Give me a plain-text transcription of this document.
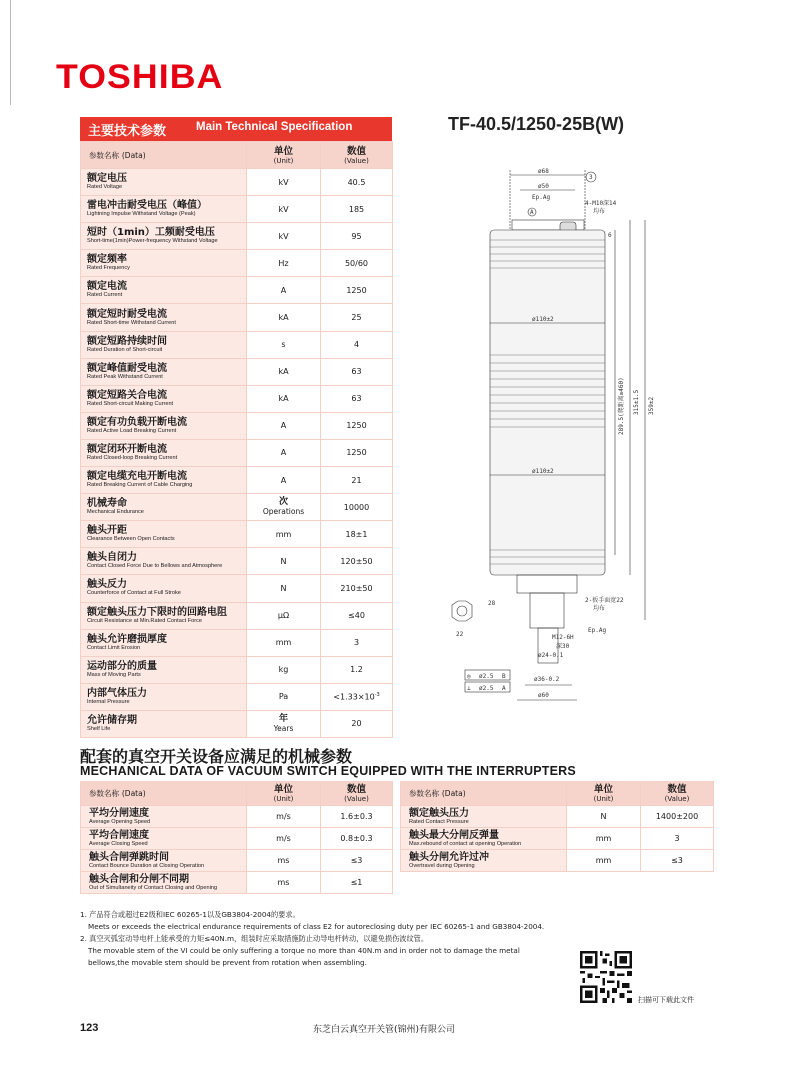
TOSHIBA
主要技术参数	Main Technical Specification	TF-40.5/1250-25B(W)
参数名称 (Data)	单位
(Unit)	数值
(Value)

额定电压
Rated Voltage	kV	40.5

雷电冲击耐受电压（峰值）
Lightning Impulse Withstand Voltage (Peak)	kV	185

短时（1min）工频耐受电压
Short-time(1min)Power-frequency Withstand Voltage	kV	95

额定频率
Rated Frequency	Hz	50/60

额定电流
Rated Current	A	1250

额定短时耐受电流
Rated Short-time Withstand Current	kA	25

额定短路持续时间
Rated Duration of Short-circuit	s	4

额定峰值耐受电流
Rated Peak Withstand Current	kA	63

额定短路关合电流
Rated Short-circuit Making Current	kA	63

额定有功负载开断电流
Rated Active Load Breaking Current	A	1250

额定闭环开断电流
Rated Closed-loop Breaking Current	A	1250

额定电缆充电开断电流
Rated Breaking Current of Cable Charging	A	21

机械寿命
Mechanical Endurance	次
Operations	10000

触头开距
Clearance Between Open Contacts	mm	18±1

触头自闭力
Contact Closed Force Due to Bellows and Atmosphere	N	120±50

触头反力
Counterforce of Contact at Full Stroke	N	210±50

额定触头压力下限时的回路电阻
Circuit Resistance at Min.Rated Contact Force	μΩ	≤40

触头允许磨损厚度
Contact Limit Erosion	mm	3

运动部分的质量
Mass of Moving Parts	kg	1.2

内部气体压力
Internal Pressure	Pa	$<1.33\times 10^{-3}$

允许储存期
Shelf Life	年
Years	20
ø68
ø50
Ep.Ag
4-M10深14
均布
3
A
6
ø110±2
ø110±2
289.5(爬距离≥460) 315±1.5 359±2
2-扳手面宽22
均布
Ep.Ag
M12-6H
深30
ø24-0.1
ø36-0.2
ø60
28
22
◎ ø2.5 B
⊥ ø2.5 A
配套的真空开关设备应满足的机械参数
MECHANICAL DATA OF VACUUM SWITCH EQUIPPED WITH THE INTERRUPTERS
参数名称 (Data)	单位
(Unit)	数值
(Value)

平均分闸速度
Average Opening Speed	m/s	1.6±0.3

平均合闸速度
Average Closing Speed	m/s	0.8±0.3

触头合闸弹跳时间
Contact Bounce Duration at Closing Operation	ms	≤3

触头合闸和分闸不同期
Out of Simultaneity of Contact Closing and Opening	ms	≤1
参数名称 (Data)	单位
(Unit)	数值
(Value)

额定触头压力
Rated Contact Pressure	N	1400±200

触头最大分闸反弹量
Max.rebound of contact at opening Operation	mm	3

触头分闸允许过冲
Overtravel during Opening	mm	≤3

1. 产品符合或超过E2级和IEC 60265-1以及GB3804-2004的要求。

Meets or exceeds the electrical endurance requirements of class E2 for autoreclosing duty per IEC 60265-1 and GB3804-2004.

2. 真空灭弧室动导电杆上能承受的力矩≤40N.m，组装时应采取措施防止动导电杆转动，以避免损伤波纹管。

The movable stem of the VI could be only suffering a torque no more than 40N.m and in order not to damage the metal

bellows,the movable stem should be prevent from rotation when assembling.

扫描可下载此文件
123	东芝白云真空开关管(锦州)有限公司
